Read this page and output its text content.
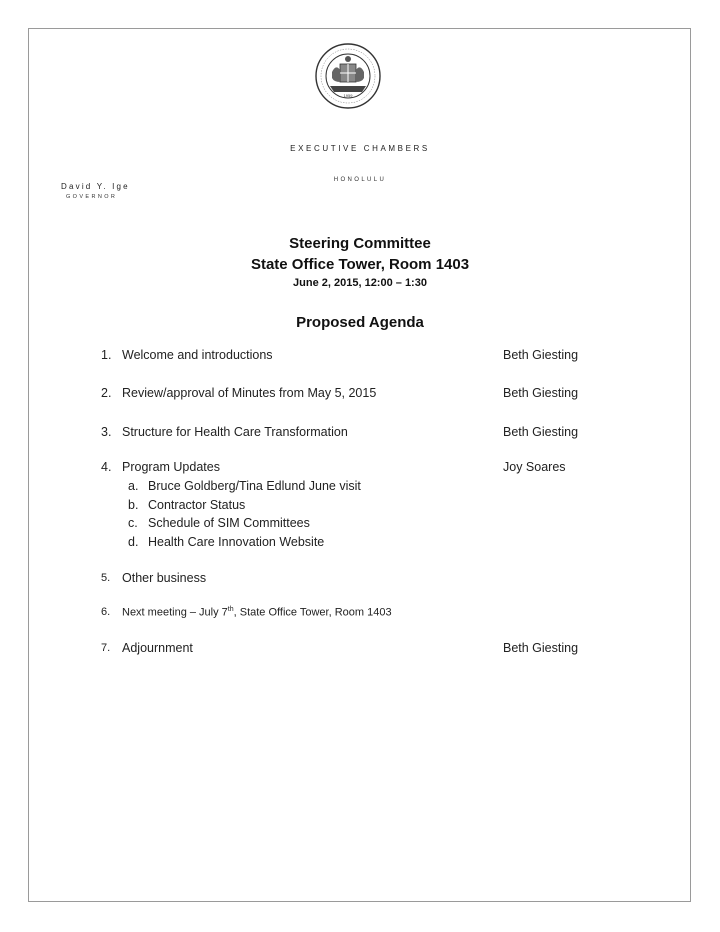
1959
EXECUTIVE CHAMBERS
HONOLULU
David Y. Ige
GOVERNOR
Steering Committee
State Office Tower, Room 1403
June 2, 2015, 12:00 – 1:30
Proposed Agenda
1. Welcome and introductions	Beth Giesting
2. Review/approval of Minutes from May 5, 2015	Beth Giesting
3. Structure for Health Care Transformation	Beth Giesting
4. Program Updates	Joy Soares
a. Bruce Goldberg/Tina Edlund June visit
b. Contractor Status
c. Schedule of SIM Committees
d. Health Care Innovation Website
5. Other business
6. Next meeting – July 7th, State Office Tower, Room 1403
7. Adjournment	Beth Giesting
